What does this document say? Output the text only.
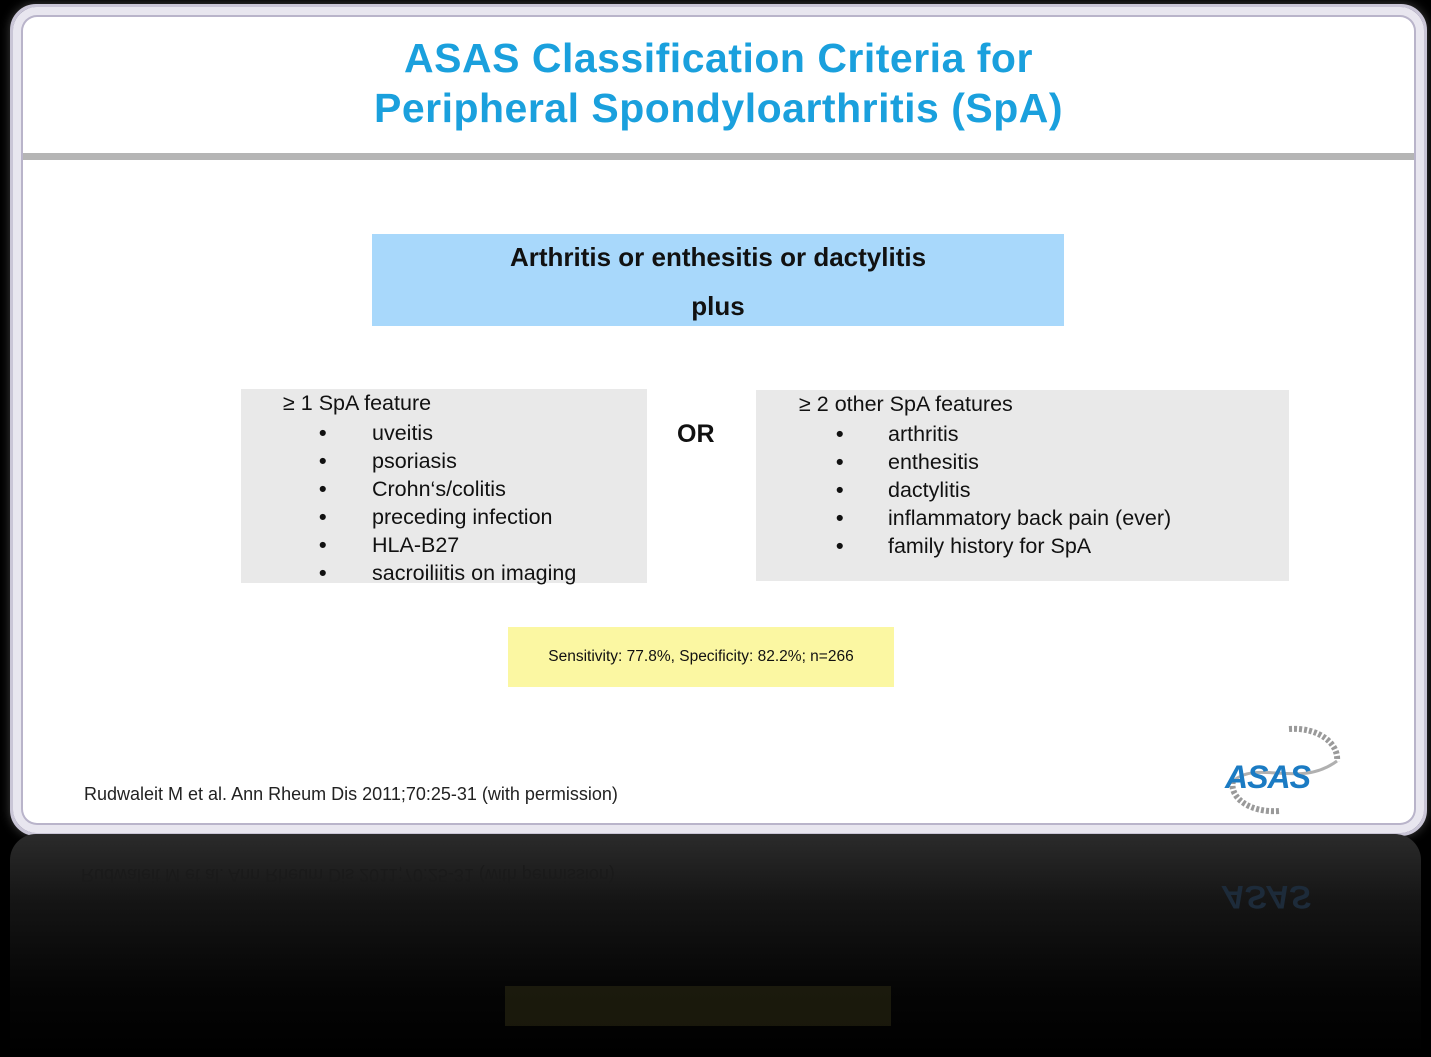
ASAS Classification Criteria for
Peripheral Spondyloarthritis (SpA)
Arthritis or enthesitis or dactylitis
plus
≥ 1 SpA feature
• uveitis
• psoriasis
• Crohn‘s/colitis
• preceding infection
• HLA-B27
• sacroiliitis on imaging
OR
≥ 2 other SpA features
• arthritis
• enthesitis
• dactylitis
• inflammatory back pain (ever)
• family history for SpA
Sensitivity: 77.8%, Specificity: 82.2%; n=266
Rudwaleit M et al. Ann Rheum Dis 2011;70:25-31 (with permission)	ASAS
Rudwaleit M et al. Ann Rheum Dis 2011;70:25-31 (with permission)
ASAS
